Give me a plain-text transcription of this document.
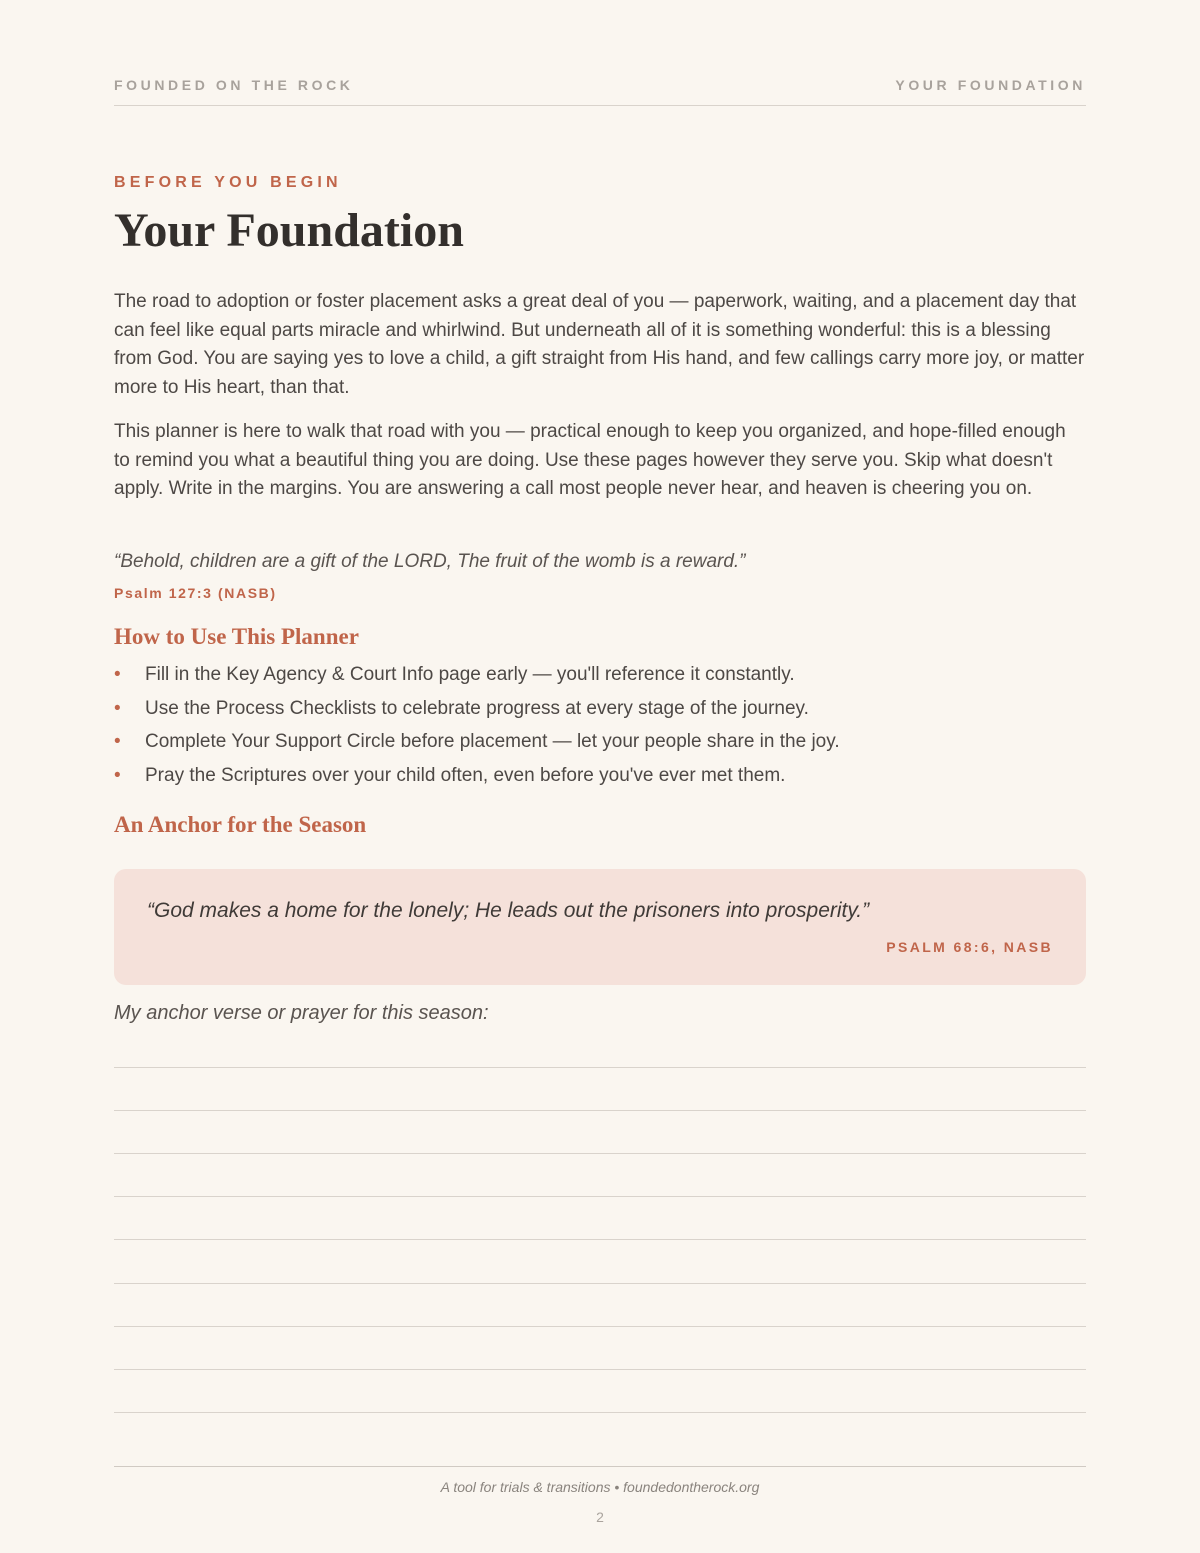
FOUNDED ON THE ROCK	YOUR FOUNDATION
BEFORE YOU BEGIN
Your Foundation

The road to adoption or foster placement asks a great deal of you — paperwork, waiting, and a placement day that can feel like equal parts miracle and whirlwind. But underneath all of it is something wonderful: this is a blessing from God. You are saying yes to love a child, a gift straight from His hand, and few callings carry more joy, or matter more to His heart, than that.

This planner is here to walk that road with you — practical enough to keep you organized, and hope-filled enough to remind you what a beautiful thing you are doing. Use these pages however they serve you. Skip what doesn't apply. Write in the margins. You are answering a call most people never hear, and heaven is cheering you on.

“Behold, children are a gift of the LORD, The fruit of the womb is a reward.”
Psalm 127:3 (NASB)
How to Use This Planner
• Fill in the Key Agency & Court Info page early — you'll reference it constantly.
• Use the Process Checklists to celebrate progress at every stage of the journey.
• Complete Your Support Circle before placement — let your people share in the joy.
• Pray the Scriptures over your child often, even before you've ever met them.
An Anchor for the Season
“God makes a home for the lonely; He leads out the prisoners into prosperity.”
PSALM 68:6, NASB
My anchor verse or prayer for this season:
A tool for trials & transitions • foundedontherock.org
2
